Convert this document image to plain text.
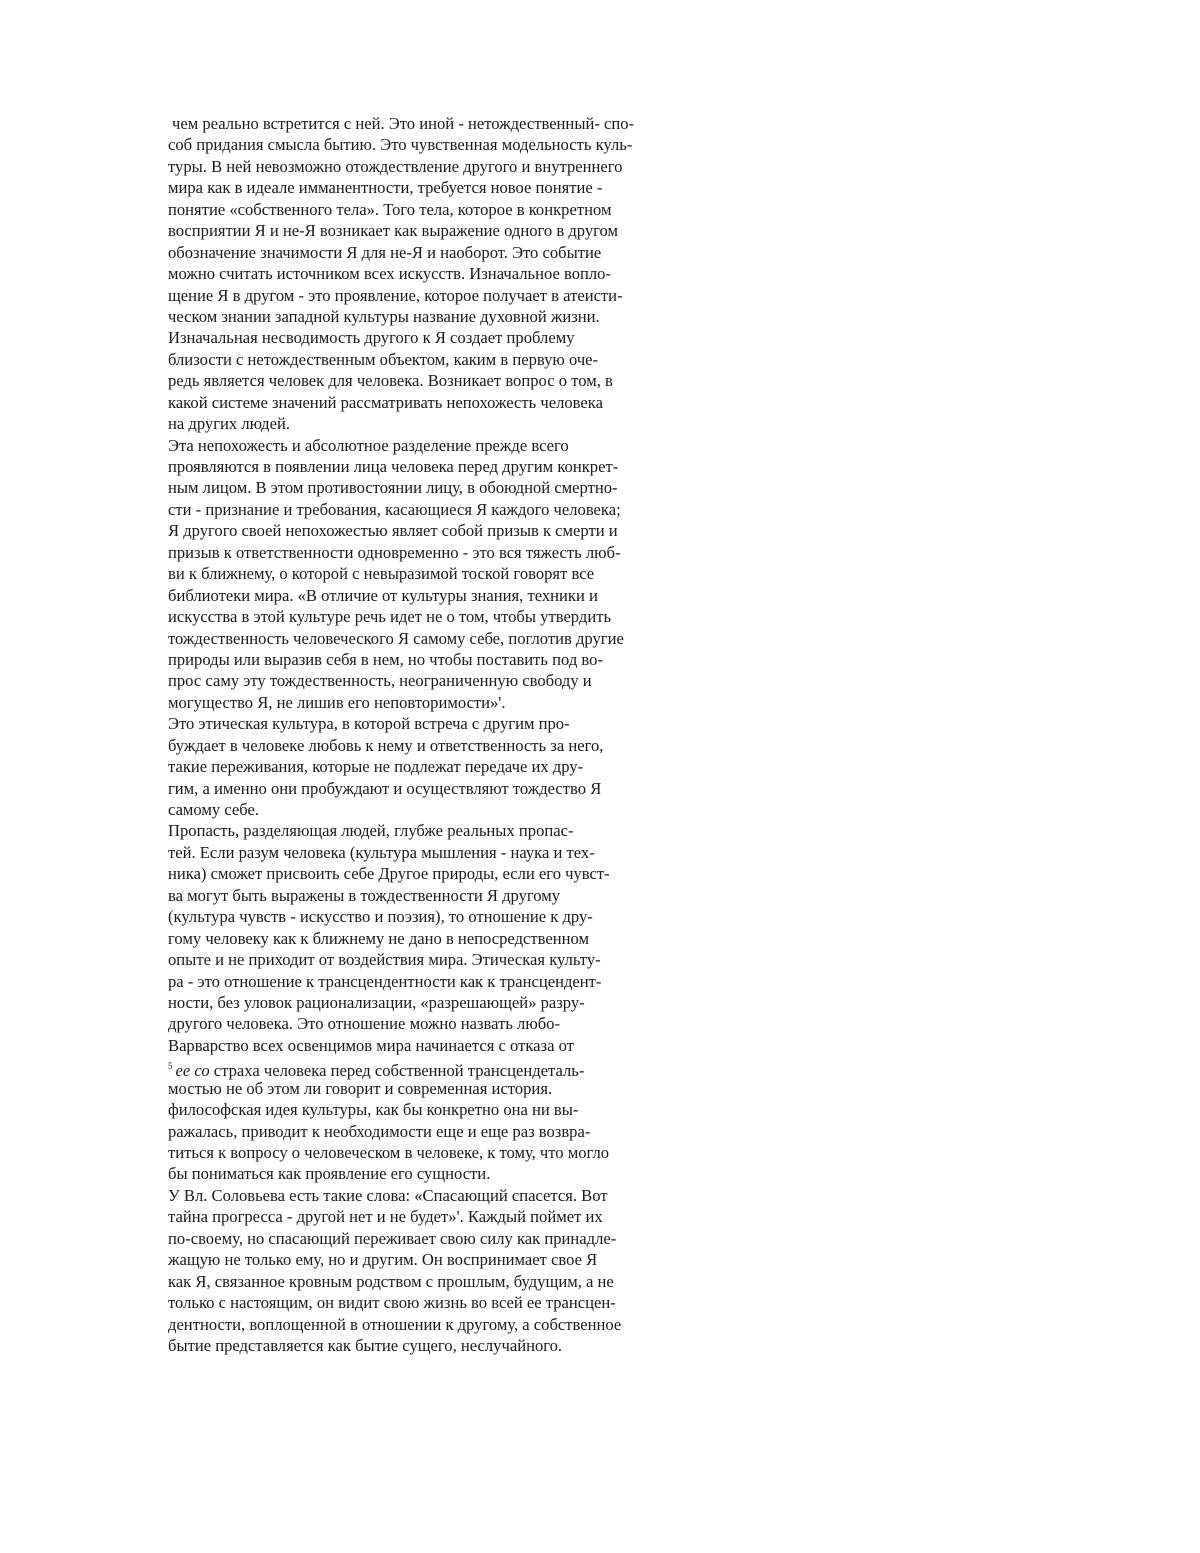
чем реально встретится с ней. Это иной - нетождественный- спо-
соб придания смысла бытию. Это чувственная модельность куль-
туры. В ней невозможно отождествление другого и внутреннего
мира как в идеале имманентности, требуется новое понятие -
понятие «собственного тела». Того тела, которое в конкретном
восприятии Я и не-Я возникает как выражение одного в другом
обозначение значимости Я для не-Я и наоборот. Это событие
можно считать источником всех искусств. Изначальное вопло-
щение Я в другом - это проявление, которое получает в атеисти-
ческом знании западной культуры название духовной жизни.
Изначальная несводимость другого к Я создает проблему
близости с нетождественным объектом, каким в первую оче-
редь является человек для человека. Возникает вопрос о том, в
какой системе значений рассматривать непохожесть человека
на других людей.
Эта непохожесть и абсолютное разделение прежде всего
проявляются в появлении лица человека перед другим конкрет-
ным лицом. В этом противостоянии лицу, в обоюдной смертно-
сти - признание и требования, касающиеся Я каждого человека;
Я другого своей непохожестью являет собой призыв к смерти и
призыв к ответственности одновременно - это вся тяжесть люб-
ви к ближнему, о которой с невыразимой тоской говорят все
библиотеки мира. «В отличие от культуры знания, техники и
искусства в этой культуре речь идет не о том, чтобы утвердить
тождественность человеческого Я самому себе, поглотив другие
природы или выразив себя в нем, но чтобы поставить под во-
прос саму эту тождественность, неограниченную свободу и
могущество Я, не лишив его неповторимости»'.
Это этическая культура, в которой встреча с другим про-
буждает в человеке любовь к нему и ответственность за него,
такие переживания, которые не подлежат передаче их дру-
гим, а именно они пробуждают и осуществляют тождество Я
самому себе.
Пропасть, разделяющая людей, глубже реальных пропас-
тей. Если разум человека (культура мышления - наука и тех-
ника) сможет присвоить себе Другое природы, если его чувст-
ва могут быть выражены в тождественности Я другому
(культура чувств - искусство и поэзия), то отношение к дру-
гому человеку как к ближнему не дано в непосредственном
опыте и не приходит от воздействия мира. Этическая культу-
ра - это отношение к трансцендентности как к трансцендент-
ности, без уловок рационализации, «разрешающей» разру-
другого человека. Это отношение можно назвать любо-
Варварство всех освенцимов мира начинается с отказа от
$^5$ ее со страха человека перед собственной трансцендеталь-
мостью не об этом ли говорит и современная история.
философская идея культуры, как бы конкретно она ни вы-
ражалась, приводит к необходимости еще и еще раз возвра-
титься к вопросу о человеческом в человеке, к тому, что могло
бы пониматься как проявление его сущности.
У Вл. Соловьева есть такие слова: «Спасающий спасется. Вот
тайна прогресса - другой нет и не будет»'. Каждый поймет их
по-своему, но спасающий переживает свою силу как принадле-
жащую не только ему, но и другим. Он воспринимает свое Я
как Я, связанное кровным родством с прошлым, будущим, а не
только с настоящим, он видит свою жизнь во всей ее трансцен-
дентности, воплощенной в отношении к другому, а собственное
бытие представляется как бытие сущего, неслучайного.
